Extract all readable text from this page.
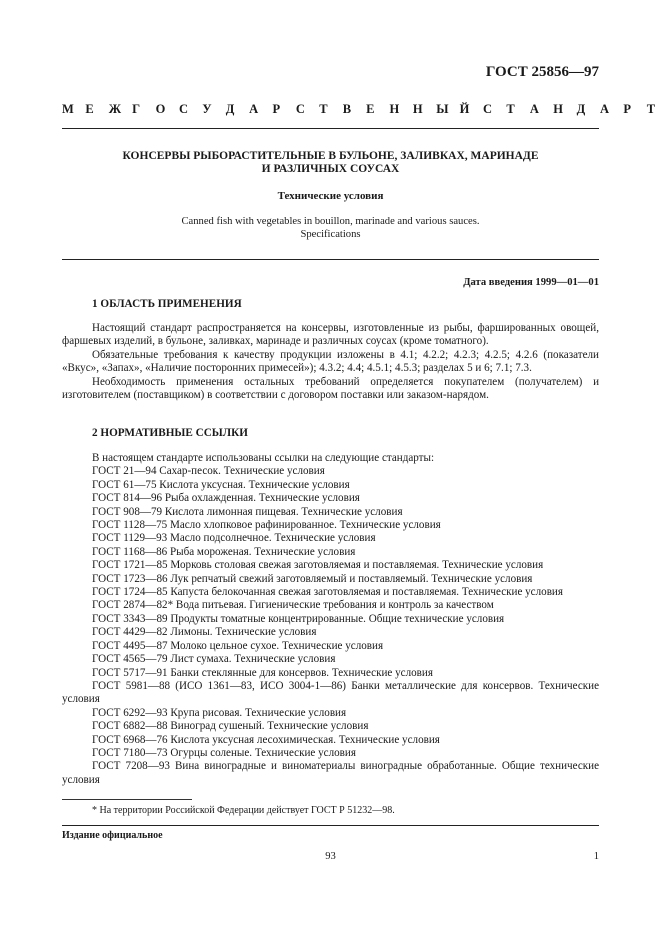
ГОСТ 25856—97
М Е	Ж Г	О	С	У	Д	А	Р	С	Т	В	Е	Н	Н	Ы Й	С	Т	А	Н	Д	А	Р	Т
КОНСЕРВЫ РЫБОРАСТИТЕЛЬНЫЕ В БУЛЬОНЕ, ЗАЛИВКАХ, МАРИНАДЕ
И РАЗЛИЧНЫХ СОУСАХ
Технические условия
Canned fish with vegetables in bouillon, marinade and various sauces.
Specifications
Дата введения 1999—01—01
1 ОБЛАСТЬ ПРИМЕНЕНИЯ

Настоящий стандарт распространяется на консервы, изготовленные из рыбы, фаршированных овощей, фаршевых изделий, в бульоне, заливках, маринаде и различных соусах (кроме томатного).

Обязательные требования к качеству продукции изложены в 4.1; 4.2.2; 4.2.3; 4.2.5; 4.2.6 (показатели «Вкус», «Запах», «Наличие посторонних примесей»); 4.3.2; 4.4; 4.5.1; 4.5.3; разделах 5 и 6; 7.1; 7.3.

Необходимость применения остальных требований определяется покупателем (получателем) и изготовителем (поставщиком) в соответствии с договором поставки или заказом-нарядом.

2 НОРМАТИВНЫЕ ССЫЛКИ

В настоящем стандарте использованы ссылки на следующие стандарты:

ГОСТ 21—94 Сахар-песок. Технические условия

ГОСТ 61—75 Кислота уксусная. Технические условия

ГОСТ 814—96 Рыба охлажденная. Технические условия

ГОСТ 908—79 Кислота лимонная пищевая. Технические условия

ГОСТ 1128—75 Масло хлопковое рафинированное. Технические условия

ГОСТ 1129—93 Масло подсолнечное. Технические условия

ГОСТ 1168—86 Рыба мороженая. Технические условия

ГОСТ 1721—85 Морковь столовая свежая заготовляемая и поставляемая. Технические условия

ГОСТ 1723—86 Лук репчатый свежий заготовляемый и поставляемый. Технические условия

ГОСТ 1724—85 Капуста белокочанная свежая заготовляемая и поставляемая. Технические условия

ГОСТ 2874—82* Вода питьевая. Гигиенические требования и контроль за качеством

ГОСТ 3343—89 Продукты томатные концентрированные. Общие технические условия

ГОСТ 4429—82 Лимоны. Технические условия

ГОСТ 4495—87 Молоко цельное сухое. Технические условия

ГОСТ 4565—79 Лист сумаха. Технические условия

ГОСТ 5717—91 Банки стеклянные для консервов. Технические условия

ГОСТ 5981—88 (ИСО 1361—83, ИСО 3004-1—86) Банки металлические для консервов. Технические условия

ГОСТ 6292—93 Крупа рисовая. Технические условия

ГОСТ 6882—88 Виноград сушеный. Технические условия

ГОСТ 6968—76 Кислота уксусная лесохимическая. Технические условия

ГОСТ 7180—73 Огурцы соленые. Технические условия

ГОСТ 7208—93 Вина виноградные и виноматериалы виноградные обработанные. Общие технические условия

* На территории Российской Федерации действует ГОСТ Р 51232—98.
Издание официальное
93	1
